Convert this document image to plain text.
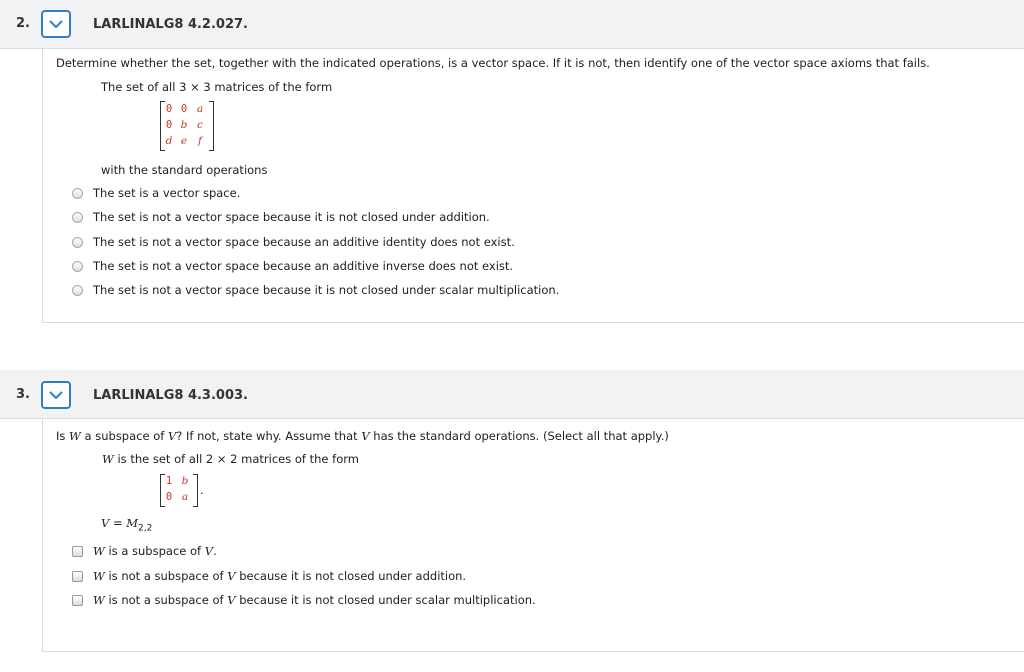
2.	LARLINALG8 4.2.027.
Determine whether the set, together with the indicated operations, is a vector space. If it is not, then identify one of the vector space axioms that fails.
The set of all 3 × 3 matrices of the form
0 0 a
0 b c
d e	f
with the standard operations
The set is a vector space.
The set is not a vector space because it is not closed under addition.
The set is not a vector space because an additive identity does not exist.
The set is not a vector space because an additive inverse does not exist.
The set is not a vector space because it is not closed under scalar multiplication.
3.	LARLINALG8 4.3.003.
Is W a subspace of V? If not, state why. Assume that V has the standard operations. (Select all that apply.)
W is the set of all 2 × 2 matrices of the form
1 b
0 a .
$V = M_{2,2}$
W is a subspace of V.
W is not a subspace of V because it is not closed under addition.
W is not a subspace of V because it is not closed under scalar multiplication.
